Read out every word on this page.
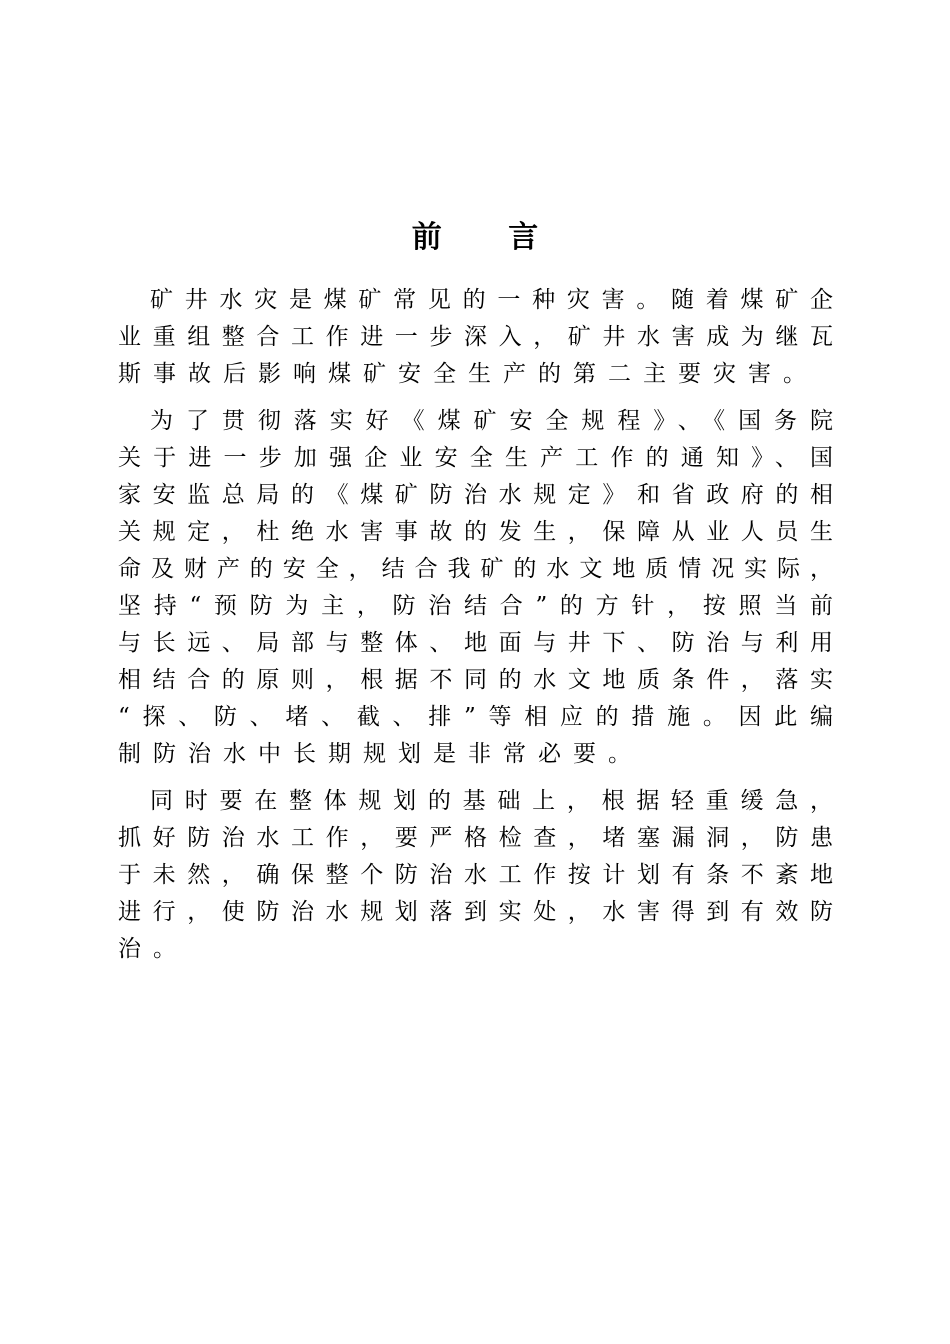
前 言
矿井水灾是煤矿常见的一种灾害。随着煤矿企
业重组整合工作进一步深入，矿井水害成为继瓦
斯事故后影响煤矿安全生产的第二主要灾害。
为了贯彻落实好《煤矿安全规程》、《国务院
关于进一步加强企业安全生产工作的通知》、国
家安监总局的《煤矿防治水规定》和省政府的相
关规定，杜绝水害事故的发生，保障从业人员生
命及财产的安全，结合我矿的水文地质情况实际，
坚持“预防为主，防治结合”的方针，按照当前
与长远、局部与整体、地面与井下、防治与利用
相结合的原则，根据不同的水文地质条件，落实
“探、防、堵、截、排”等相应的措施。因此编
制防治水中长期规划是非常必要。
同时要在整体规划的基础上，根据轻重缓急，
抓好防治水工作，要严格检查，堵塞漏洞，防患
于未然，确保整个防治水工作按计划有条不紊地
进行，使防治水规划落到实处，水害得到有效防
治。
